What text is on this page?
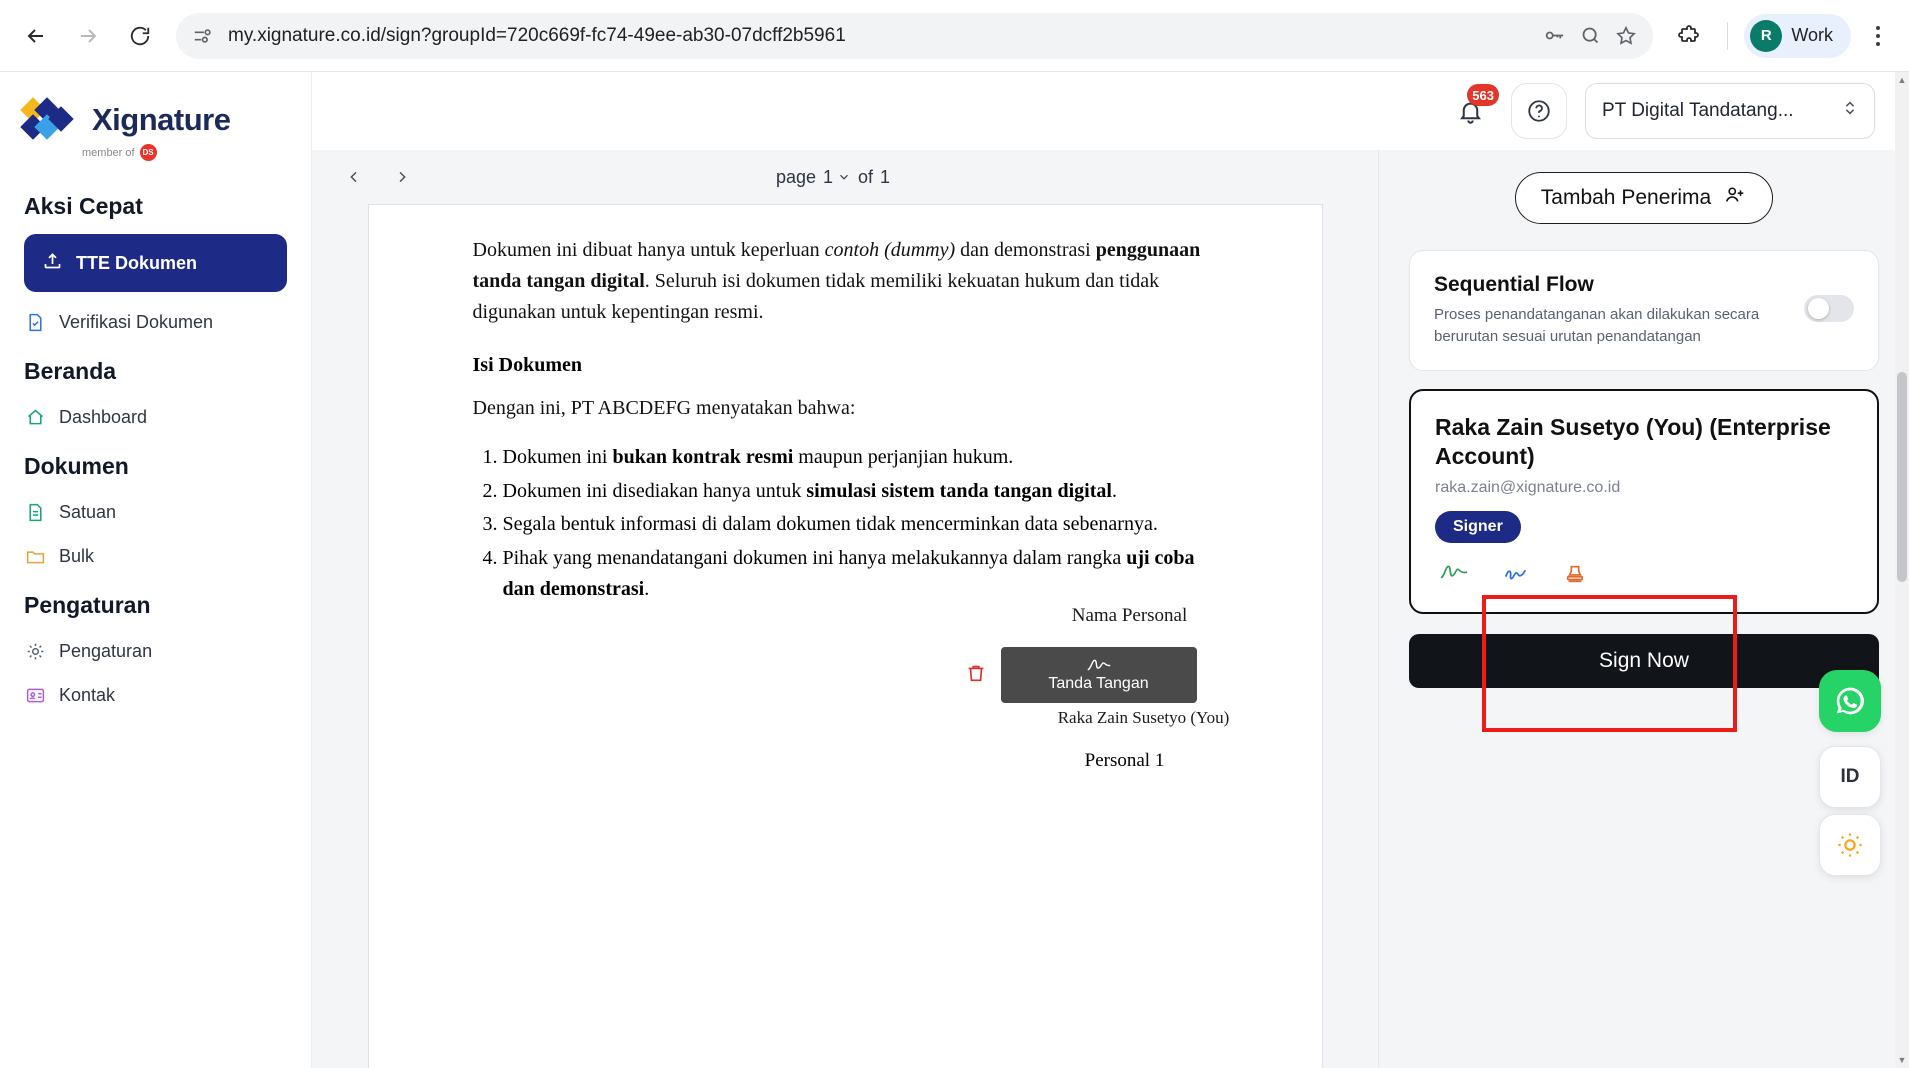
my.xignature.co.id/sign?groupId=720c669f-fc74-49ee-ab30-07dcff2b5961	R	Work
Xignature
member of DS
Aksi Cepat
TTE Dokumen
Verifikasi Dokumen
Beranda
Dashboard
Dokumen
Satuan
Bulk
Pengaturan
Pengaturan
Kontak
563
PT Digital Tandatang...
page 1 of 1

Dokumen ini dibuat hanya untuk keperluan contoh (dummy) dan demonstrasi penggunaan tanda tangan digital. Seluruh isi dokumen tidak memiliki kekuatan hukum dan tidak digunakan untuk kepentingan resmi.

Isi Dokumen

Dengan ini, PT ABCDEFG menyatakan bahwa:

1. Dokumen ini bukan kontrak resmi maupun perjanjian hukum.
2. Dokumen ini disediakan hanya untuk simulasi sistem tanda tangan digital.
3. Segala bentuk informasi di dalam dokumen tidak mencerminkan data sebenarnya.
4. Pihak yang menandatangani dokumen ini hanya melakukannya dalam rangka uji coba dan demonstrasi.
Nama Personal
Tanda Tangan
Raka Zain Susetyo (You)
Personal 1
Tambah Penerima
Sequential Flow
Proses penandatanganan akan dilakukan secara berurutan sesuai urutan penandatangan
Raka Zain Susetyo (You) (Enterprise Account)
raka.zain@xignature.co.id
Signer
Sign Now
ID
▲
▼
